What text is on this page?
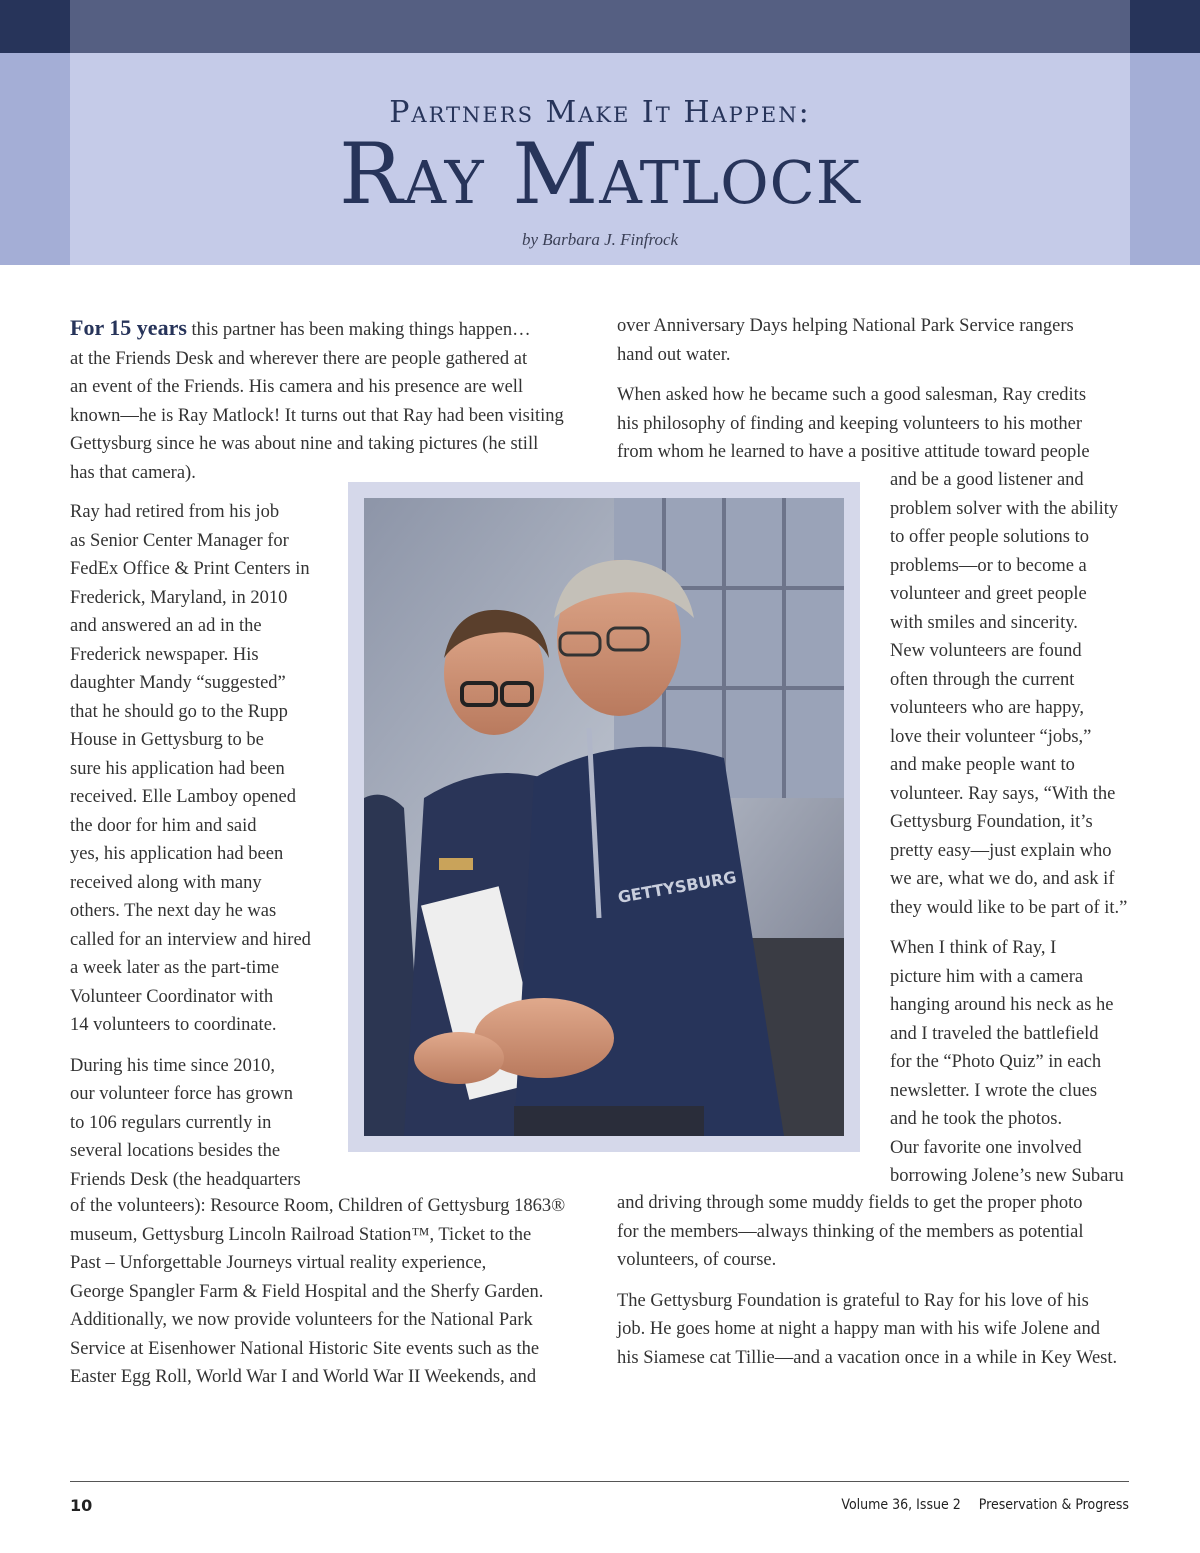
Partners Make It Happen:
Ray Matlock
by Barbara J. Finfrock

For 15 years this partner has been making things happen…
at the Friends Desk and wherever there are people gathered at
an event of the Friends. His camera and his presence are well
known—he is Ray Matlock! It turns out that Ray had been visiting
Gettysburg since he was about nine and taking pictures (he still
has that camera).

Ray had retired from his job
as Senior Center Manager for
FedEx Office & Print Centers in
Frederick, Maryland, in 2010
and answered an ad in the
Frederick newspaper. His
daughter Mandy “suggested”
that he should go to the Rupp
House in Gettysburg to be
sure his application had been
received. Elle Lamboy opened
the door for him and said
yes, his application had been
received along with many
others. The next day he was
called for an interview and hired
a week later as the part-time
Volunteer Coordinator with
14 volunteers to coordinate.

During his time since 2010,
our volunteer force has grown
to 106 regulars currently in
several locations besides the
Friends Desk (the headquarters

of the volunteers): Resource Room, Children of Gettysburg 1863®
museum, Gettysburg Lincoln Railroad Station™, Ticket to the
Past – Unforgettable Journeys virtual reality experience,
George Spangler Farm & Field Hospital and the Sherfy Garden.
Additionally, we now provide volunteers for the National Park
Service at Eisenhower National Historic Site events such as the
Easter Egg Roll, World War I and World War II Weekends, and

over Anniversary Days helping National Park Service rangers
hand out water.

When asked how he became such a good salesman, Ray credits
his philosophy of finding and keeping volunteers to his mother
from whom he learned to have a positive attitude toward people

and be a good listener and
problem solver with the ability
to offer people solutions to
problems—or to become a
volunteer and greet people
with smiles and sincerity.
New volunteers are found
often through the current
volunteers who are happy,
love their volunteer “jobs,”
and make people want to
volunteer. Ray says, “With the
Gettysburg Foundation, it’s
pretty easy—just explain who
we are, what we do, and ask if
they would like to be part of it.”

When I think of Ray, I
picture him with a camera
hanging around his neck as he
and I traveled the battlefield
for the “Photo Quiz” in each
newsletter. I wrote the clues
and he took the photos.
Our favorite one involved
borrowing Jolene’s new Subaru

and driving through some muddy fields to get the proper photo
for the members—always thinking of the members as potential
volunteers, of course.

The Gettysburg Foundation is grateful to Ray for his love of his
job. He goes home at night a happy man with his wife Jolene and
his Siamese cat Tillie—and a vacation once in a while in Key West.

GETTYSBURG
10	Volume 36, Issue 2 Preservation & Progress
